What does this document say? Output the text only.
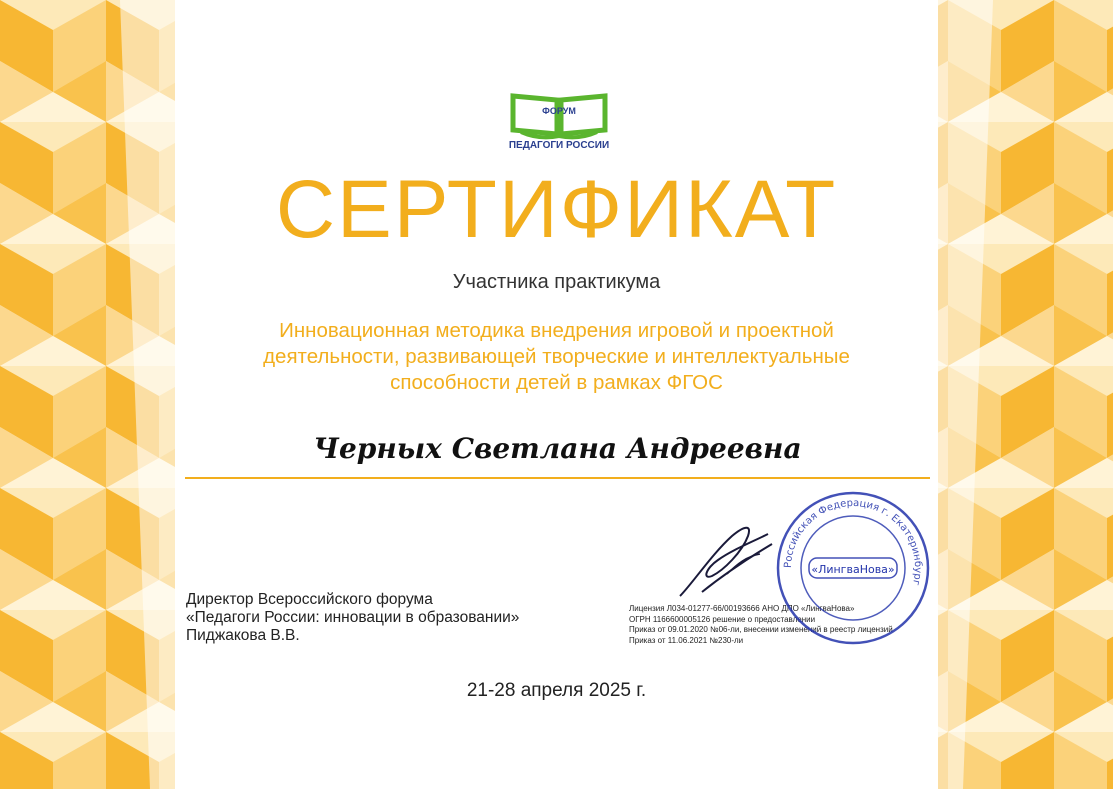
ФОРУМ
ПЕДАГОГИ РОССИИ
СЕРТИФИКАТ
Участника практикума
Инновационная методика внедрения игровой и проектной
деятельности, развивающей творческие и интеллектуальные
способности детей в рамках ФГОС
Черных Светлана Андреевна
Директор Всероссийского форума
«Педагоги России: инновации в образовании»
Пиджакова В.В.
Лицензия Л034-01277-66/00193666 АНО ДПО «ЛингваНова»
ОГРН 1166600005126 решение о предоставлении
Приказ от 09.01.2020 №06-ли, внесении изменений в реестр лицензий
Приказ от 11.06.2021 №230-ли
Российская Федерация г. Екатеринбург
«ЛингваНова»
21-28 апреля 2025 г.
